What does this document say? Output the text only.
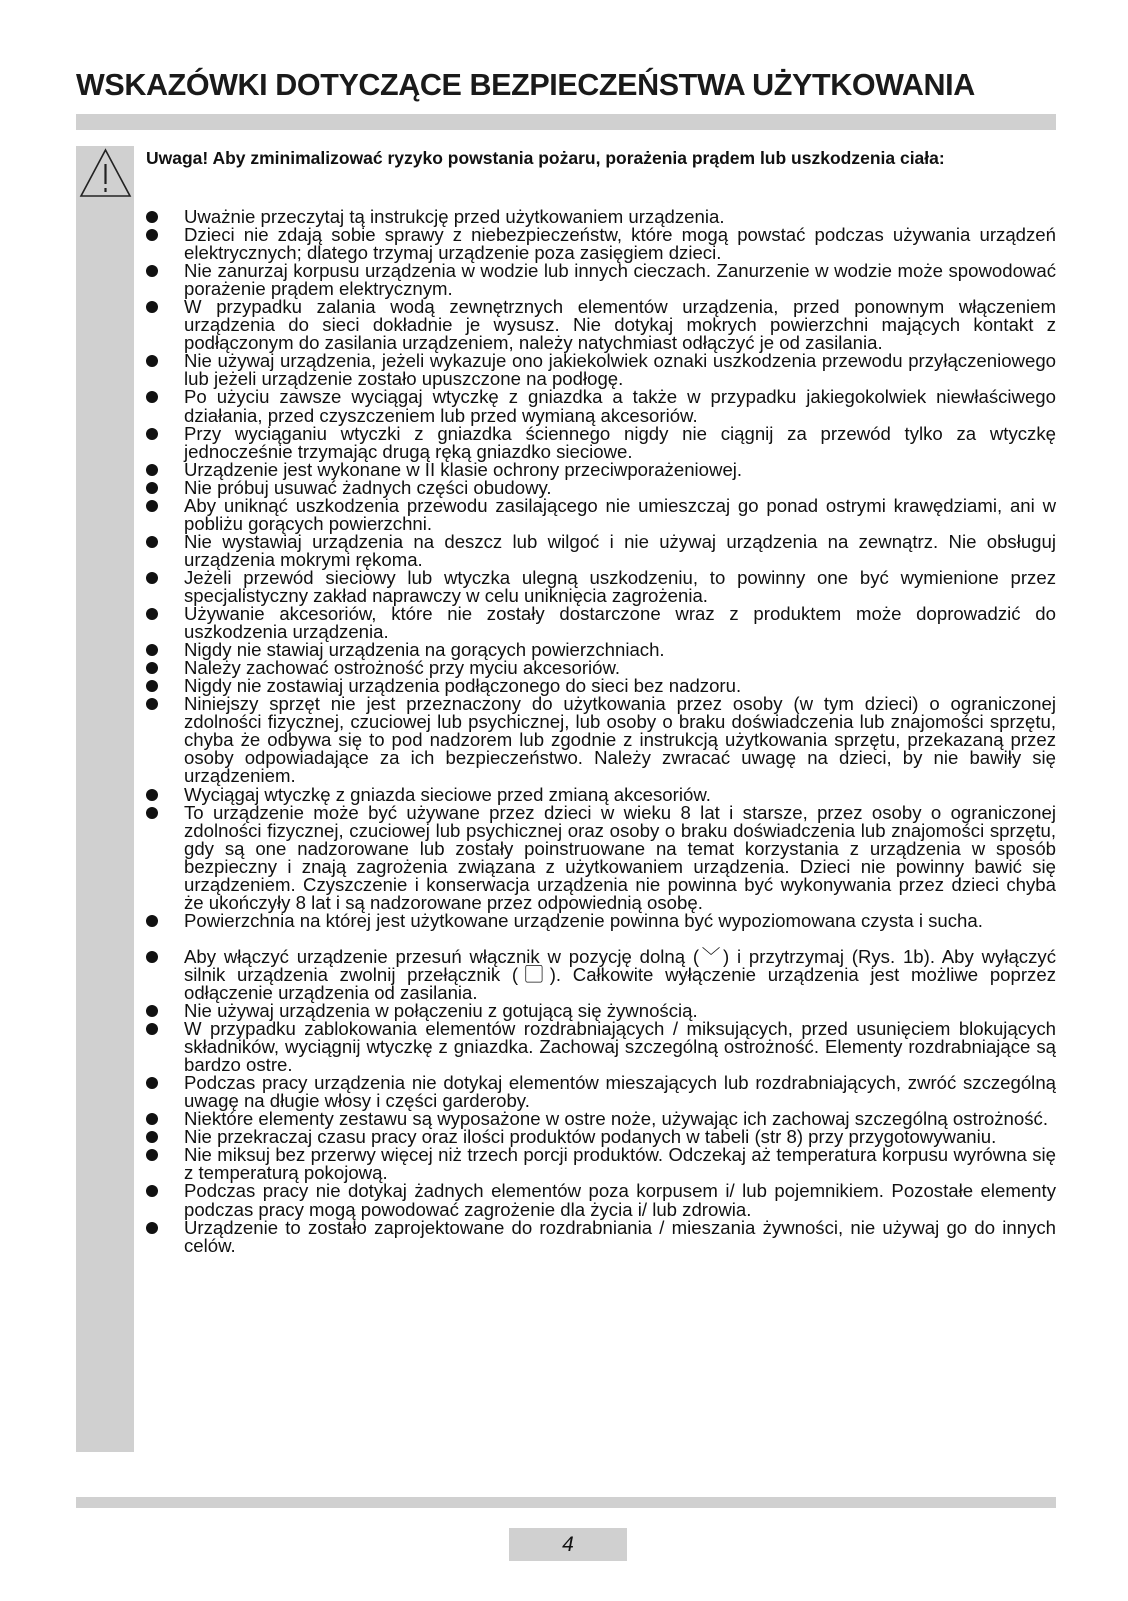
WSKAZÓWKI DOTYCZĄCE BEZPIECZEŃSTWA UŻYTKOWANIA
Uwaga! Aby zminimalizować ryzyko powstania pożaru, porażenia prądem lub uszkodzenia ciała:
Uważnie przeczytaj tą instrukcję przed użytkowaniem urządzenia.
Dzieci nie zdają sobie sprawy z niebezpieczeństw, które mogą powstać podczas używania urządzeń elektrycznych; dlatego trzymaj urządzenie poza zasięgiem dzieci.
Nie zanurzaj korpusu urządzenia w wodzie lub innych cieczach. Zanurzenie w wodzie może spowodować porażenie prądem elektrycznym.
W przypadku zalania wodą zewnętrznych elementów urządzenia, przed ponownym włączeniem urządzenia do sieci dokładnie je wysusz. Nie dotykaj mokrych powierzchni mających kontakt z podłączonym do zasilania urządzeniem, należy natychmiast odłączyć je od zasilania.
Nie używaj urządzenia, jeżeli wykazuje ono jakiekolwiek oznaki uszkodzenia przewodu przyłączeniowego lub jeżeli urządzenie zostało upuszczone na podłogę.
Po użyciu zawsze wyciągaj wtyczkę z gniazdka a także w przypadku jakiegokolwiek niewłaściwego działania, przed czyszczeniem lub przed wymianą akcesoriów.
Przy wyciąganiu wtyczki z gniazdka ściennego nigdy nie ciągnij za przewód tylko za wtyczkę jednocześnie trzymając drugą ręką gniazdko sieciowe.
Urządzenie jest wykonane w II klasie ochrony przeciwporażeniowej.
Nie próbuj usuwać żadnych części obudowy.
Aby uniknąć uszkodzenia przewodu zasilającego nie umieszczaj go ponad ostrymi krawędziami, ani w pobliżu gorących powierzchni.
Nie wystawiaj urządzenia na deszcz lub wilgoć i nie używaj urządzenia na zewnątrz. Nie obsługuj urządzenia mokrymi rękoma.
Jeżeli przewód sieciowy lub wtyczka ulegną uszkodzeniu, to powinny one być wymienione przez specjalistyczny zakład naprawczy w celu uniknięcia zagrożenia.
Używanie akcesoriów, które nie zostały dostarczone wraz z produktem może doprowadzić do uszkodzenia urządzenia.
Nigdy nie stawiaj urządzenia na gorących powierzchniach.
Należy zachować ostrożność przy myciu akcesoriów.
Nigdy nie zostawiaj urządzenia podłączonego do sieci bez nadzoru.
Niniejszy sprzęt nie jest przeznaczony do użytkowania przez osoby (w tym dzieci) o ograniczonej zdolności fizycznej, czuciowej lub psychicznej, lub osoby o braku doświadczenia lub znajomości sprzętu, chyba że odbywa się to pod nadzorem lub zgodnie z instrukcją użytkowania sprzętu, przekazaną przez osoby odpowiadające za ich bezpieczeństwo. Należy zwracać uwagę na dzieci, by nie bawiły się urządzeniem.
Wyciągaj wtyczkę z gniazda sieciowe przed zmianą akcesoriów.
To urządzenie może być używane przez dzieci w wieku 8 lat i starsze, przez osoby o ograniczonej zdolności fizycznej, czuciowej lub psychicznej oraz osoby o braku doświadczenia lub znajomości sprzętu, gdy są one nadzorowane lub zostały poinstruowane na temat korzystania z urządzenia w sposób bezpieczny i znają zagrożenia związana z użytkowaniem urządzenia. Dzieci nie powinny bawić się urządzeniem. Czyszczenie i konserwacja urządzenia nie powinna być wykonywania przez dzieci chyba że ukończyły 8 lat i są nadzorowane przez odpowiednią osobę.
Powierzchnia na której jest użytkowane urządzenie powinna być wypoziomowana czysta i sucha.
Aby włączyć urządzenie przesuń włącznik w pozycję dolną (﹀) i przytrzymaj (Rys. 1b). Aby wyłączyć silnik urządzenia zwolnij przełącznik (▢). Całkowite wyłączenie urządzenia jest możliwe poprzez odłączenie urządzenia od zasilania.
Nie używaj urządzenia w połączeniu z gotującą się żywnością.
W przypadku zablokowania elementów rozdrabniających / miksujących, przed usunięciem blokujących składników, wyciągnij wtyczkę z gniazdka. Zachowaj szczególną ostrożność. Elementy rozdrabniające są bardzo ostre.
Podczas pracy urządzenia nie dotykaj elementów mieszających lub rozdrabniających, zwróć szczególną uwagę na długie włosy i części garderoby.
Niektóre elementy zestawu są wyposażone w ostre noże, używając ich zachowaj szczególną ostrożność.
Nie przekraczaj czasu pracy oraz ilości produktów podanych w tabeli (str 8) przy przygotowywaniu.
Nie miksuj bez przerwy więcej niż trzech porcji produktów. Odczekaj aż temperatura korpusu wyrówna się z temperaturą pokojową.
Podczas pracy nie dotykaj żadnych elementów poza korpusem i/ lub pojemnikiem. Pozostałe elementy podczas pracy mogą powodować zagrożenie dla życia i/ lub zdrowia.
Urządzenie to zostało zaprojektowane do rozdrabniania / mieszania żywności, nie używaj go do innych celów.
4
